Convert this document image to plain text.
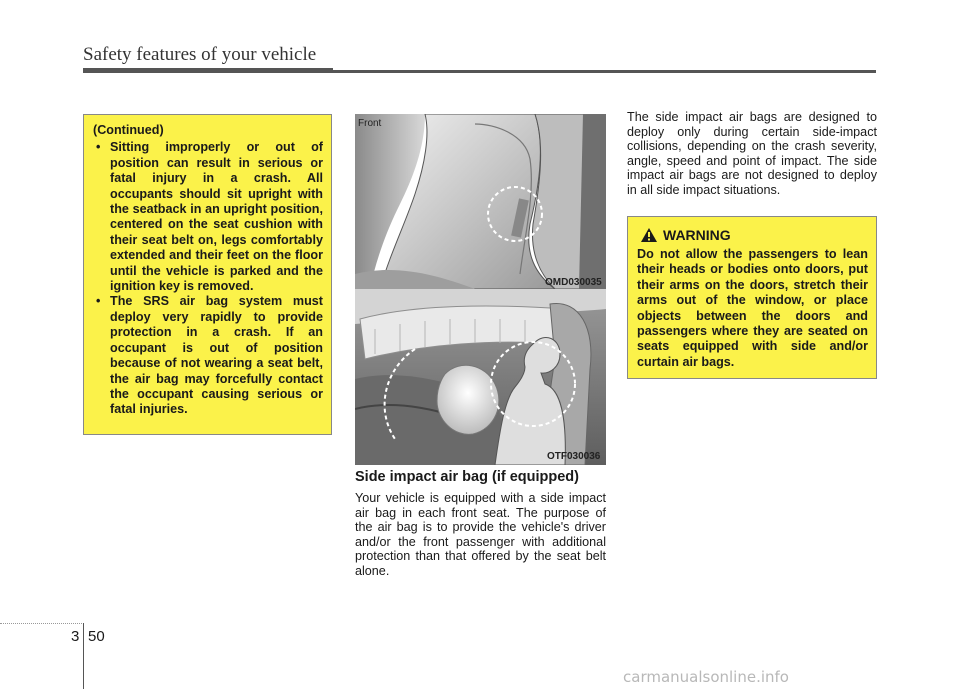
Safety features of your vehicle
(Continued)
• Sitting improperly or out of position can result in serious or fatal injury in a crash. All occupants should sit upright with the seatback in an upright position, centered on the seat cushion with their seat belt on, legs comfortably extended and their feet on the floor until the vehicle is parked and the ignition key is removed.
• The SRS air bag system must deploy very rapidly to provide protection in a crash. If an occupant is out of position because of not wearing a seat belt, the air bag may forcefully contact the occupant causing serious or fatal injuries.
Front
OMD030035
OTF030036
Side impact air bag (if equipped)
Your vehicle is equipped with a side impact air bag in each front seat. The purpose of the air bag is to provide the vehicle's driver and/or the front passenger with additional protection than that offered by the seat belt alone.
The side impact air bags are designed to deploy only during certain side-impact collisions, depending on the crash severity, angle, speed and point of impact. The side impact air bags are not designed to deploy in all side impact situations.
WARNING
Do not allow the passengers to lean their heads or bodies onto doors, put their arms on the doors, stretch their arms out of the window, or place objects between the doors and passengers where they are seated on seats equipped with side and/or curtain air bags.
3 50
carmanualsonline.info
